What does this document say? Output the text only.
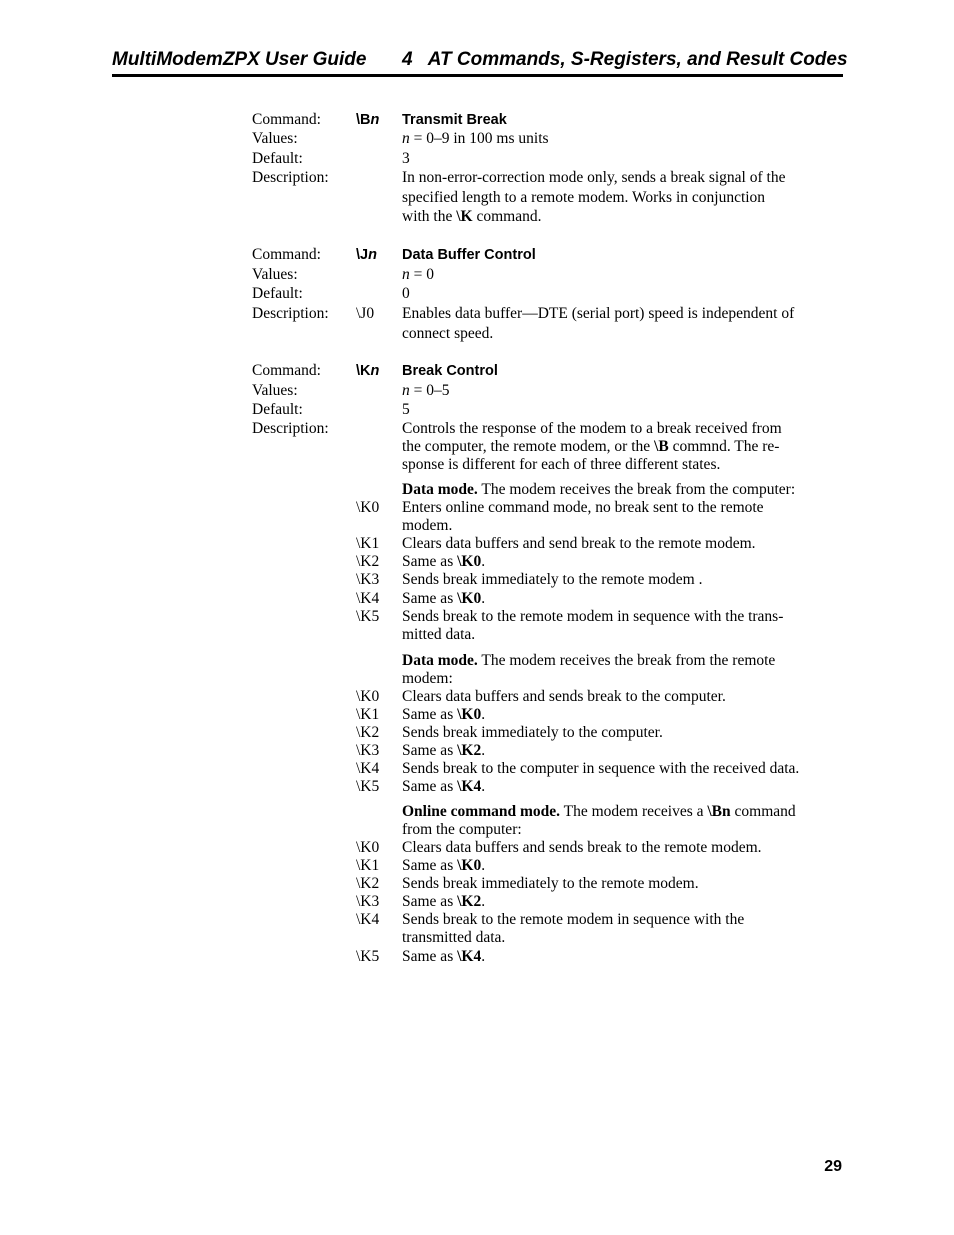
MultiModemZPX User Guide 4   AT Commands, S-Registers, and Result Codes
Command: \Bn Transmit Break
Values:	n = 0–9 in 100 ms units
Default:	3
Description:	In non-error-correction mode only, sends a break signal of the
specified length to a remote modem. Works in conjunction
with the \K command.
Command: \Jn Data Buffer Control
Values:	n = 0
Default:	0
Description: \J0 Enables data buffer—DTE (serial port) speed is independent of
connect speed.
Command: \Kn Break Control
Values:	n = 0–5
Default:	5
Description:	Controls the response of the modem to a break received from
the computer, the remote modem, or the \B commnd. The re-
sponse is different for each of three different states.
Data mode. The modem receives the break from the computer:
\K0 Enters online command mode, no break sent to the remote
modem.
\K1 Clears data buffers and send break to the remote modem.
\K2 Same as \K0.
\K3 Sends break immediately to the remote modem .
\K4 Same as \K0.
\K5 Sends break to the remote modem in sequence with the trans-
mitted data.
Data mode. The modem receives the break from the remote
modem:
\K0 Clears data buffers and sends break to the computer.
\K1 Same as \K0.
\K2 Sends break immediately to the computer.
\K3 Same as \K2.
\K4 Sends break to the computer in sequence with the received data.
\K5 Same as \K4.
Online command mode. The modem receives a \Bn command
from the computer:
\K0 Clears data buffers and sends break to the remote modem.
\K1 Same as \K0.
\K2 Sends break immediately to the remote modem.
\K3 Same as \K2.
\K4 Sends break to the remote modem in sequence with the
transmitted data.
\K5 Same as \K4.
29
